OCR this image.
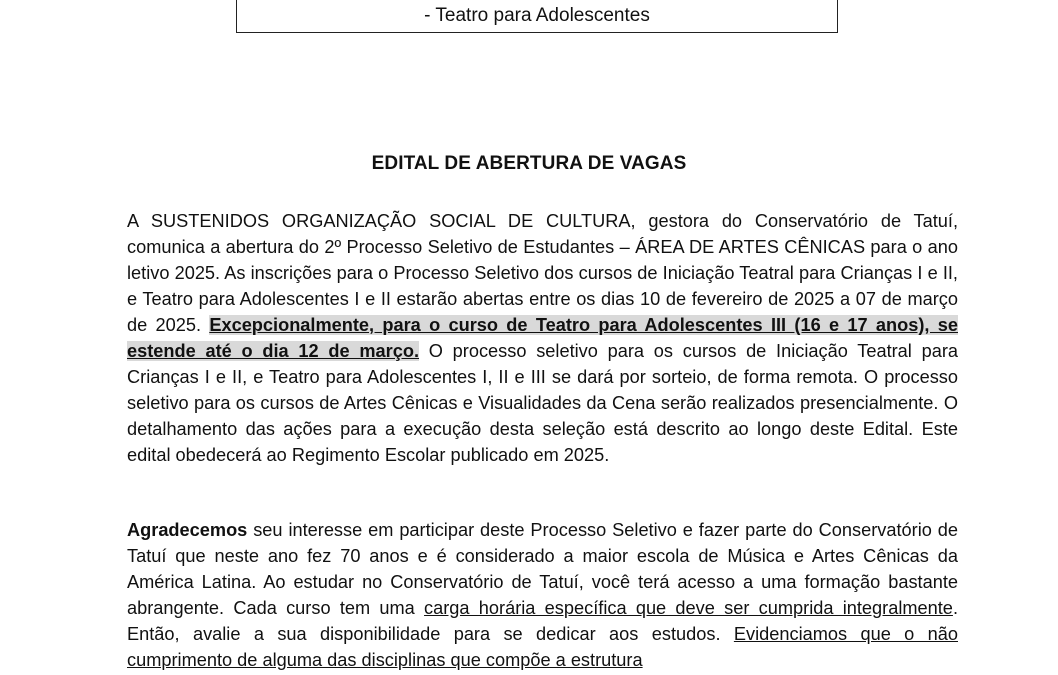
- Teatro para Adolescentes
EDITAL DE ABERTURA DE VAGAS

A SUSTENIDOS ORGANIZAÇÃO SOCIAL DE CULTURA, gestora do Conservatório de Tatuí, comunica a abertura do 2º Processo Seletivo de Estudantes – ÁREA DE ARTES CÊNICAS para o ano letivo 2025. As inscrições para o Processo Seletivo dos cursos de Iniciação Teatral para Crianças I e II, e Teatro para Adolescentes I e II estarão abertas entre os dias 10 de fevereiro de 2025 a 07 de março de 2025. Excepcionalmente, para o curso de Teatro para Adolescentes III (16 e 17 anos), se estende até o dia 12 de março. O processo seletivo para os cursos de Iniciação Teatral para Crianças I e II, e Teatro para Adolescentes I, II e III se dará por sorteio, de forma remota. O processo seletivo para os cursos de Artes Cênicas e Visualidades da Cena serão realizados presencialmente. O detalhamento das ações para a execução desta seleção está descrito ao longo deste Edital. Este edital obedecerá ao Regimento Escolar publicado em 2025.

Agradecemos seu interesse em participar deste Processo Seletivo e fazer parte do Conservatório de Tatuí que neste ano fez 70 anos e é considerado a maior escola de Música e Artes Cênicas da América Latina. Ao estudar no Conservatório de Tatuí, você terá acesso a uma formação bastante abrangente. Cada curso tem uma carga horária específica que deve ser cumprida integralmente. Então, avalie a sua disponibilidade para se dedicar aos estudos. Evidenciamos que o não cumprimento de alguma das disciplinas que compõe a estrutura
